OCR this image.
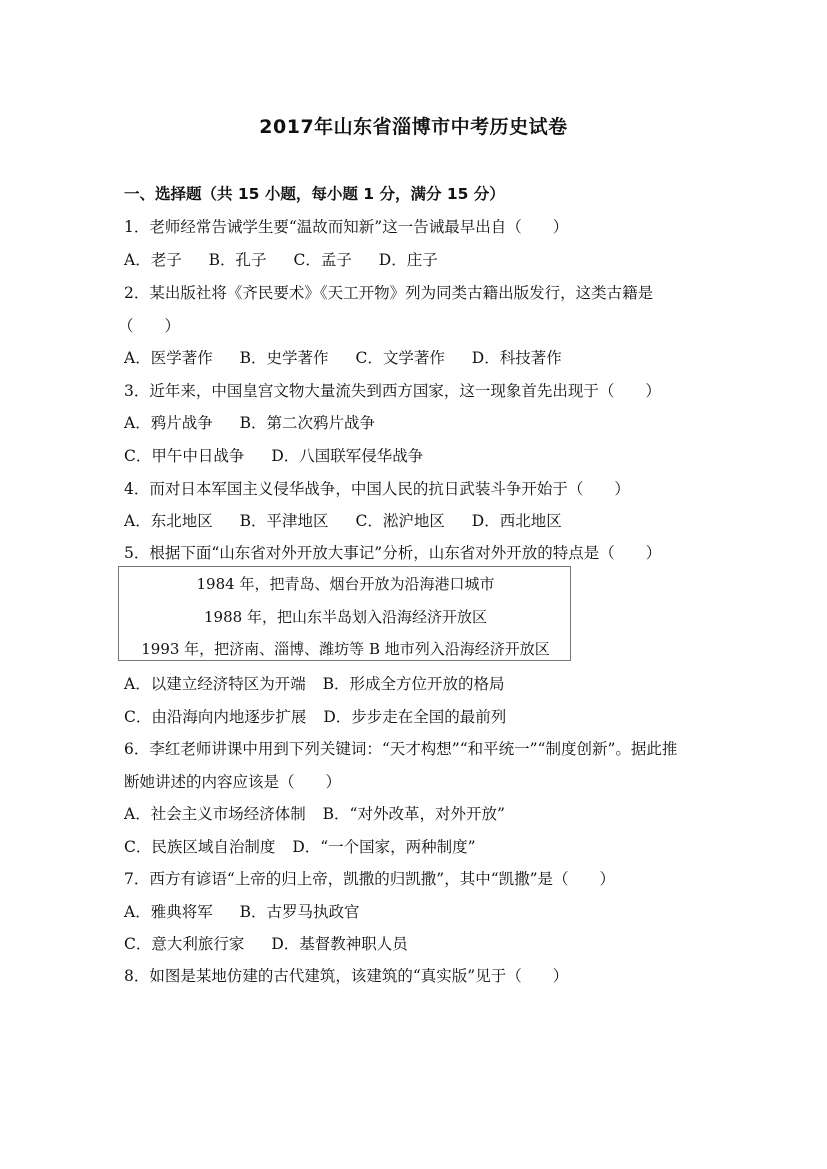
2017年山东省淄博市中考历史试卷
一、选择题（共 15 小题，每小题 1 分，满分 15 分）
1．老师经常告诫学生要“温故而知新”这一告诫最早出自（　　）
A．老子 B．孔子 C．孟子 D．庄子
2．某出版社将《齐民要术》《天工开物》列为同类古籍出版发行，这类古籍是
（　　）
A．医学著作 B．史学著作 C．文学著作 D．科技著作
3．近年来，中国皇宫文物大量流失到西方国家，这一现象首先出现于（　　）
A．鸦片战争 B．第二次鸦片战争
C．甲午中日战争 D．八国联军侵华战争
4．而对日本军国主义侵华战争，中国人民的抗日武装斗争开始于（　　）
A．东北地区 B．平津地区 C．淞沪地区 D．西北地区
5．根据下面“山东省对外开放大事记”分析，山东省对外开放的特点是（　　）
1984 年，把青岛、烟台开放为沿海港口城市
1988 年，把山东半岛划入沿海经济开放区
1993 年，把济南、淄博、潍坊等 B 地市列入沿海经济开放区
A．以建立经济特区为开端 B．形成全方位开放的格局
C．由沿海向内地逐步扩展 D．步步走在全国的最前列
6．李红老师讲课中用到下列关键词：“天才构想”“和平统一”“制度创新”。据此推
断她讲述的内容应该是（　　）
A．社会主义市场经济体制 B．“对外改革，对外开放”
C．民族区域自治制度 D．“一个国家，两种制度”
7．西方有谚语“上帝的归上帝，凯撒的归凯撒”，其中“凯撒”是（　　）
A．雅典将军 B．古罗马执政官
C．意大利旅行家 D．基督教神职人员
8．如图是某地仿建的古代建筑，该建筑的“真实版”见于（　　）
